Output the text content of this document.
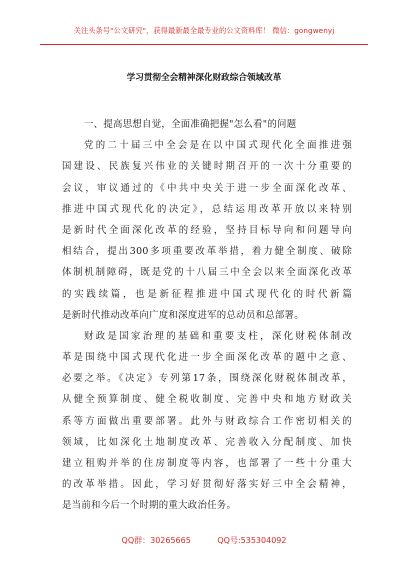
关注头条号"公文研究"，获得最新最全最专业的公文资料库！ 微信：gongwenyj
学习贯彻全会精神深化财政综合领域改革
一、提高思想自觉，全面准确把握"怎么看"的问题
党的二十届三中全会是在以中国式现代化全面推进强
国建设、民族复兴伟业的关键时期召开的一次十分重要的
会议，审议通过的《中共中央关于进一步全面深化改革、
推进中国式现代化的决定》，总结运用改革开放以来特别
是新时代全面深化改革的经验，坚持目标导向和问题导向
相结合，提出300多项重要改革举措，着力健全制度、破除
体制机制障碍，既是党的十八届三中全会以来全面深化改革
的实践续篇，也是新征程推进中国式现代化的时代新篇
是新时代推动改革向广度和深度进军的总动员和总部署。
财政是国家治理的基础和重要支柱，深化财税体制改
革是围绕中国式现代化进一步全面深化改革的题中之意、
必要之举。《决定》专列第17条，围绕深化财税体制改革，
从健全预算制度、健全税收制度、完善中央和地方财政关
系等方面做出重要部署。此外与财政综合工作密切相关的
领域，比如深化土地制度改革、完善收入分配制度、加快
建立租购并举的住房制度等内容，也部署了一些十分重大
的改革举措。因此，学习好贯彻好落实好三中全会精神，
是当前和今后一个时期的重大政治任务。
QQ群：30265665	QQ号:535304092
